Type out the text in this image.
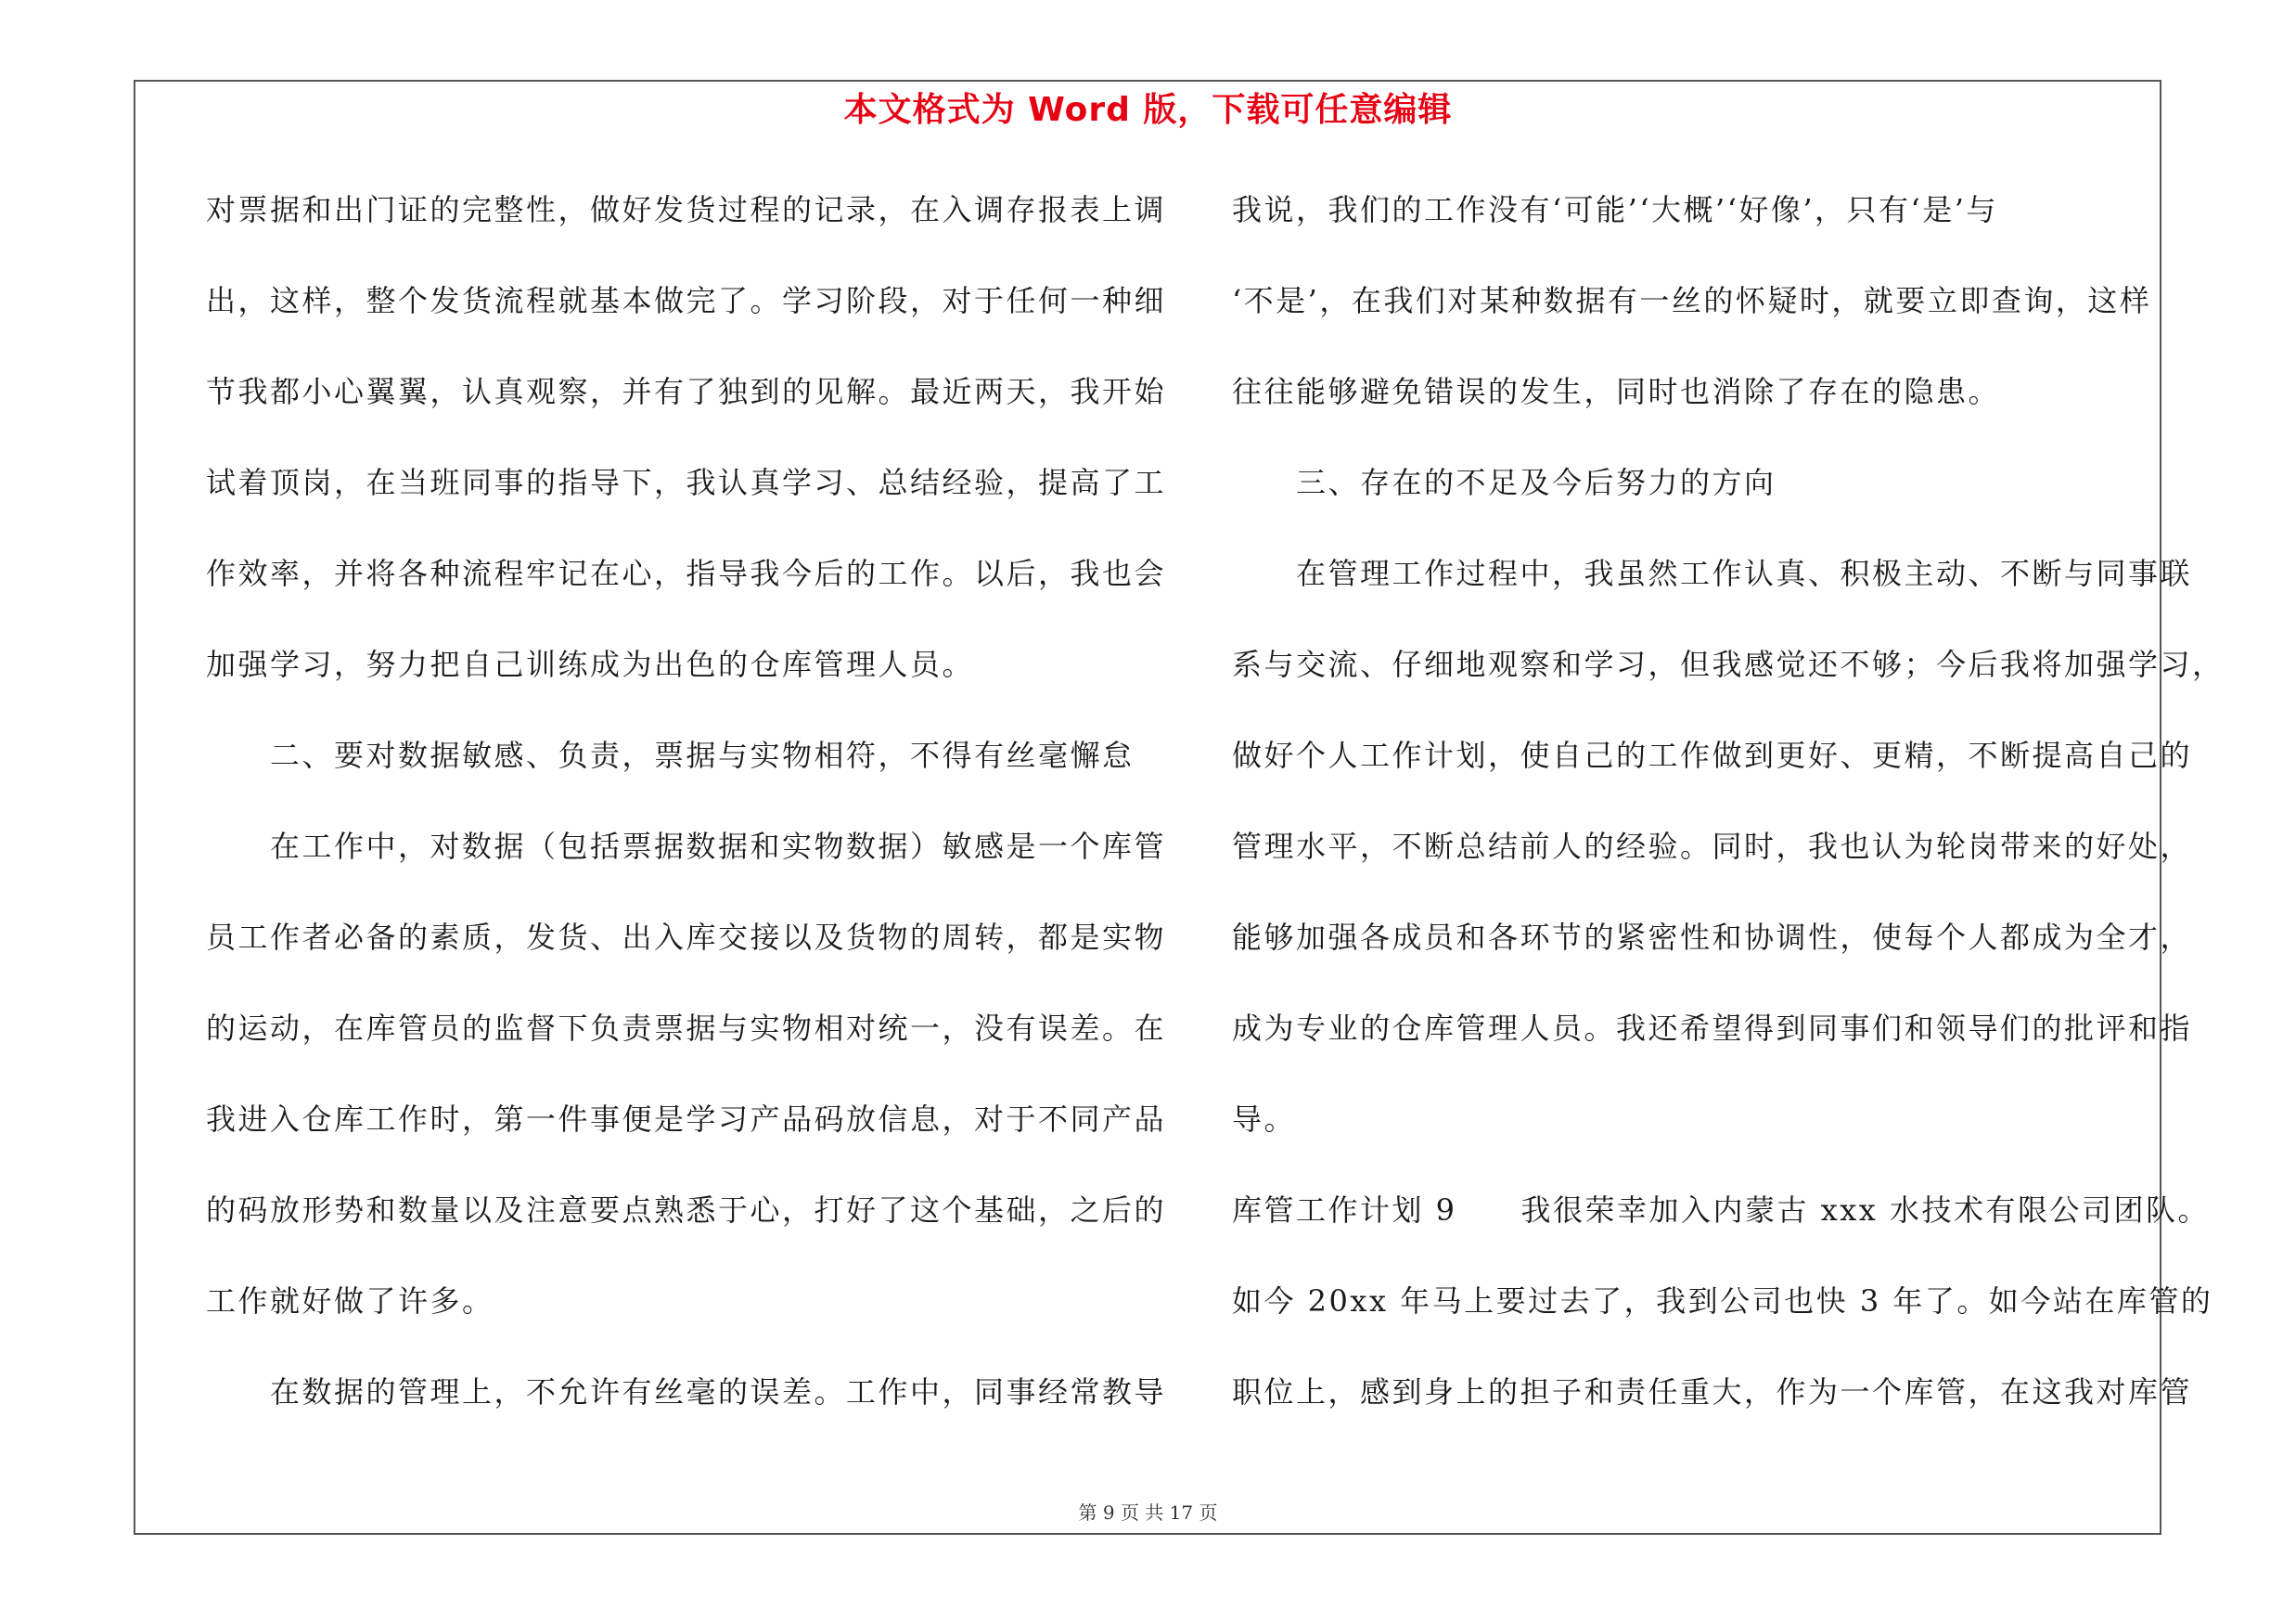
本文格式为 Word 版，下载可任意编辑
对票据和出门证的完整性，做好发货过程的记录，在入调存报表上调
出，这样，整个发货流程就基本做完了。学习阶段，对于任何一种细
节我都小心翼翼，认真观察，并有了独到的见解。最近两天，我开始
试着顶岗，在当班同事的指导下，我认真学习、总结经验，提高了工
作效率，并将各种流程牢记在心，指导我今后的工作。以后，我也会
加强学习，努力把自己训练成为出色的仓库管理人员。
　　二、要对数据敏感、负责，票据与实物相符，不得有丝毫懈怠
　　在工作中，对数据（包括票据数据和实物数据）敏感是一个库管
员工作者必备的素质，发货、出入库交接以及货物的周转，都是实物
的运动，在库管员的监督下负责票据与实物相对统一，没有误差。在
我进入仓库工作时，第一件事便是学习产品码放信息，对于不同产品
的码放形势和数量以及注意要点熟悉于心，打好了这个基础，之后的
工作就好做了许多。
　　在数据的管理上，不允许有丝毫的误差。工作中，同事经常教导
我说，我们的工作没有‘可能’‘大概’‘好像’，只有‘是’与
‘不是’，在我们对某种数据有一丝的怀疑时，就要立即查询，这样
往往能够避免错误的发生，同时也消除了存在的隐患。
　　三、存在的不足及今后努力的方向
　　在管理工作过程中，我虽然工作认真、积极主动、不断与同事联
系与交流、仔细地观察和学习，但我感觉还不够；今后我将加强学习，
做好个人工作计划，使自己的工作做到更好、更精，不断提高自己的
管理水平，不断总结前人的经验。同时，我也认为轮岗带来的好处，
能够加强各成员和各环节的紧密性和协调性，使每个人都成为全才，
成为专业的仓库管理人员。我还希望得到同事们和领导们的批评和指
导。
库管工作计划 9　　我很荣幸加入内蒙古 xxx 水技术有限公司团队。
如今 20xx 年马上要过去了，我到公司也快 3 年了。如今站在库管的
职位上，感到身上的担子和责任重大，作为一个库管，在这我对库管
第 9 页 共 17 页
